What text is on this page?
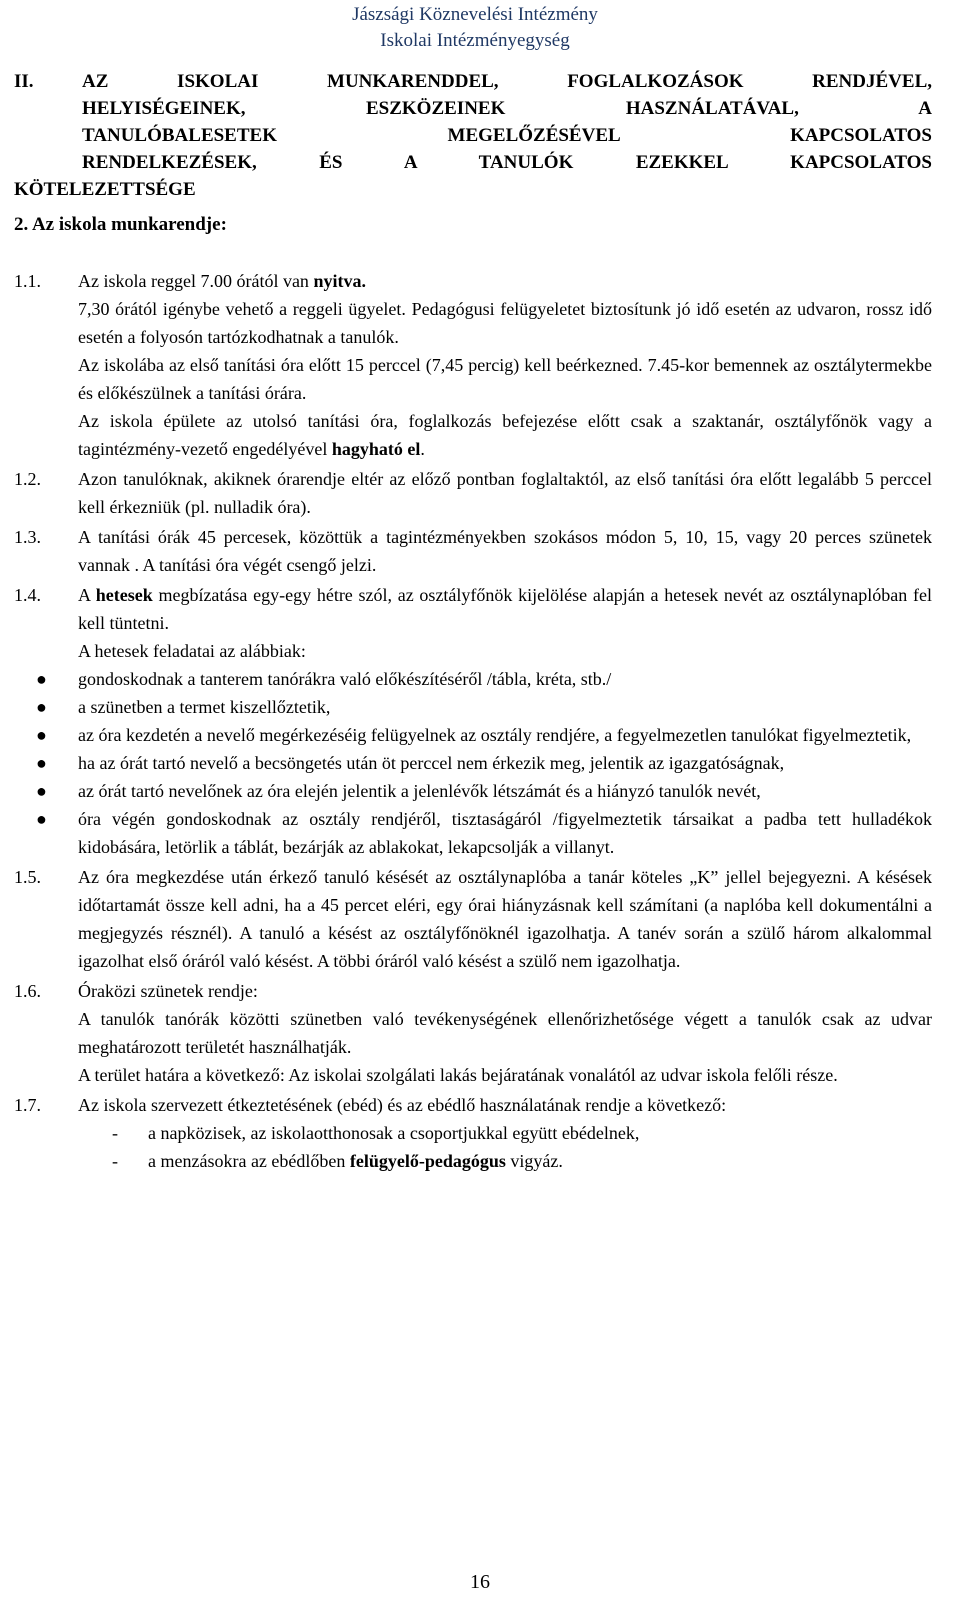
Jászsági Köznevelési Intézmény
Iskolai Intézményegység
II.	AZ ISKOLAI MUNKARENDDEL, FOGLALKOZÁSOK RENDJÉVEL,
HELYISÉGEINEK, ESZKÖZEINEK HASZNÁLATÁVAL, A
TANULÓBALESETEK MEGELŐZÉSÉVEL KAPCSOLATOS
RENDELKEZÉSEK, ÉS A TANULÓK EZEKKEL KAPCSOLATOS
KÖTELEZETTSÉGE
2. Az iskola munkarendje:
1.1.	Az iskola reggel 7.00 órától van nyitva.

7,30 órától igénybe vehető a reggeli ügyelet. Pedagógusi felügyeletet biztosítunk jó idő esetén az udvaron, rossz idő esetén a folyosón tartózkodhatnak a tanulók.

Az iskolába az első tanítási óra előtt 15 perccel (7,45 percig) kell beérkezned. 7.45-kor bemennek az osztálytermekbe és előkészülnek a tanítási órára.

Az iskola épülete az utolsó tanítási óra, foglalkozás befejezése előtt csak a szaktanár, osztályfőnök vagy a tagintézmény-vezető engedélyével hagyható el.

1.2.	Azon tanulóknak, akiknek órarendje eltér az előző pontban foglaltaktól, az első tanítási óra előtt legalább 5 perccel kell érkezniük (pl. nulladik óra).

1.3.	A tanítási órák 45 percesek, közöttük a tagintézményekben szokásos módon 5, 10, 15, vagy 20 perces szünetek vannak . A tanítási óra végét csengő jelzi.

1.4.	A hetesek megbízatása egy-egy hétre szól, az osztályfőnök kijelölése alapján a hetesek nevét az osztálynaplóban fel kell tüntetni.

A hetesek feladatai az alábbiak:

● gondoskodnak a tanterem tanórákra való előkészítéséről /tábla, kréta, stb./
● a szünetben a termet kiszellőztetik,
● az óra kezdetén a nevelő megérkezéséig felügyelnek az osztály rendjére, a fegyelmezetlen tanulókat figyelmeztetik,
● ha az órát tartó nevelő a becsöngetés után öt perccel nem érkezik meg, jelentik az igazgatóságnak,
● az órát tartó nevelőnek az óra elején jelentik a jelenlévők létszámát és a hiányzó tanulók nevét,
● óra végén gondoskodnak az osztály rendjéről, tisztaságáról /figyelmeztetik társaikat a padba tett hulladékok kidobására, letörlik a táblát, bezárják az ablakokat, lekapcsolják a villanyt.
1.5.	Az óra megkezdése után érkező tanuló késését az osztálynaplóba a tanár köteles „K” jellel bejegyezni. A késések időtartamát össze kell adni, ha a 45 percet eléri, egy órai hiányzásnak kell számítani (a naplóba kell dokumentálni a megjegyzés résznél). A tanuló a késést az osztályfőnöknél igazolhatja. A tanév során a szülő három alkalommal igazolhat első óráról való késést. A többi óráról való késést a szülő nem igazolhatja.

1.6.	Óraközi szünetek rendje:

A tanulók tanórák közötti szünetben való tevékenységének ellenőrizhetősége végett a tanulók csak az udvar meghatározott területét használhatják.

A terület határa a következő: Az iskolai szolgálati lakás bejáratának vonalától az udvar iskola felőli része.

1.7.	Az iskola szervezett étkeztetésének (ebéd) és az ebédlő használatának rendje a következő:

- a napközisek, az iskolaotthonosak a csoportjukkal együtt ebédelnek,
- a menzásokra az ebédlőben felügyelő-pedagógus vigyáz.
16
